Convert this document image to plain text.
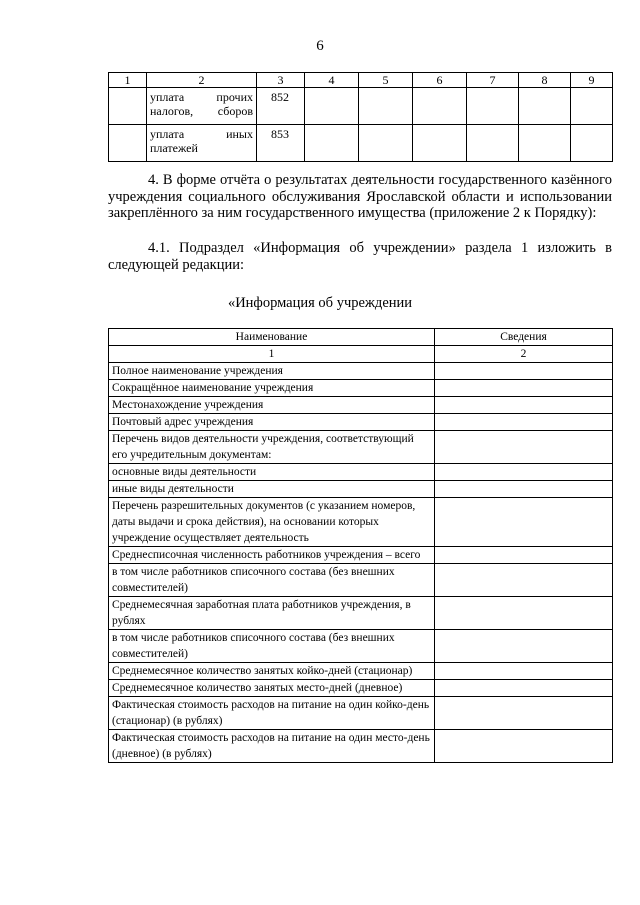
6
1	2	3	4	5	6	7	8	9
	уплата прочих налогов, сборов	852						
	уплата иных платежей	853						

4. В форме отчёта о результатах деятельности государственного казённого учреждения социального обслуживания Ярославской области и использовании закреплённого за ним государственного имущества (приложение 2 к Порядку):

4.1. Подраздел «Информация об учреждении» раздела 1 изложить в следующей редакции:

«Информация об учреждении

Наименование	Сведения
1	2
Полное наименование учреждения	
Сокращённое наименование учреждения	
Местонахождение учреждения	
Почтовый адрес учреждения	
Перечень видов деятельности учреждения, соответствующий его учредительным документам:	
основные виды деятельности	
иные виды деятельности	
Перечень разрешительных документов (с указанием номеров, даты выдачи и срока действия), на основании которых учреждение осуществляет деятельность	
Среднесписочная численность работников учреждения – всего	
в том числе работников списочного состава (без внешних совместителей)	
Среднемесячная заработная плата работников учреждения, в рублях	
в том числе работников списочного состава (без внешних совместителей)	
Среднемесячное количество занятых койко-дней (стационар)	
Среднемесячное количество занятых место-дней (дневное)	
Фактическая стоимость расходов на питание на один койко-день (стационар) (в рублях)	
Фактическая стоимость расходов на питание на один место-день (дневное) (в рублях)	
